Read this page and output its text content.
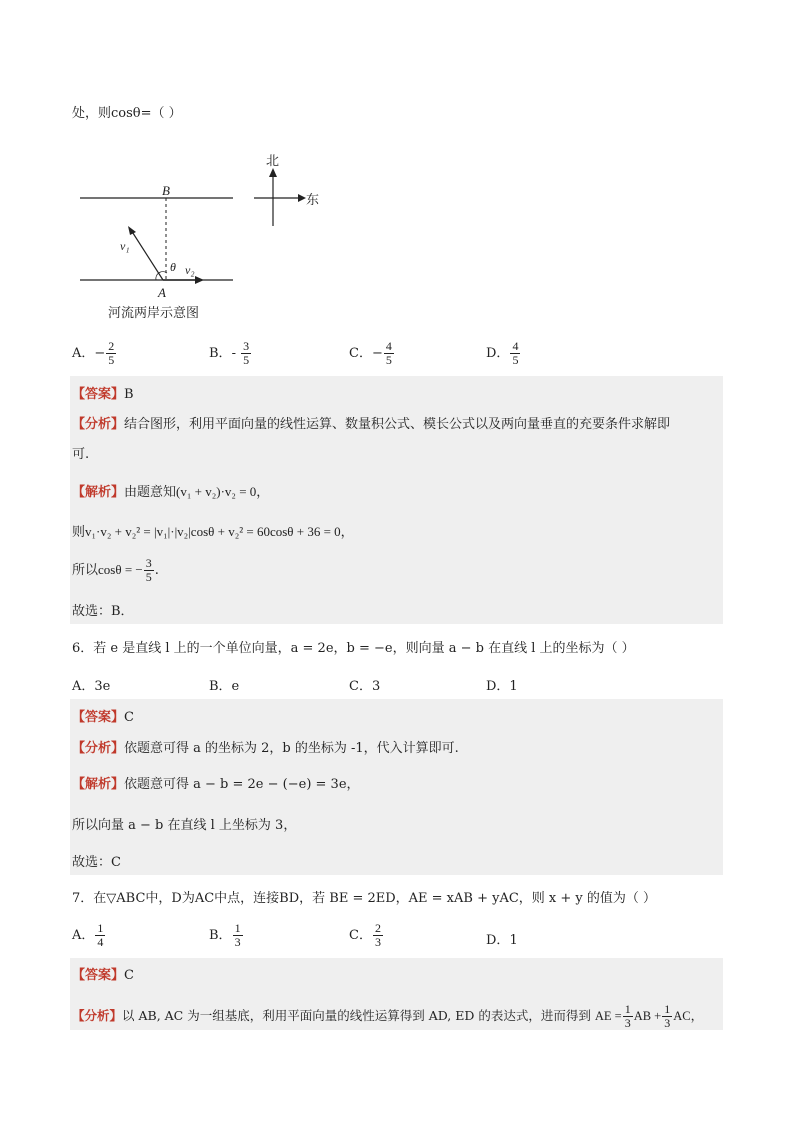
处，则cosθ=（ ）
B
A
v₁
v₂
θ
北
东
河流两岸示意图
A．− $\frac{2}{5}$	B．- $\frac{3}{5}$	C．− $\frac{4}{5}$	D． $\frac{4}{5}$
【答案】B
【分析】结合图形，利用平面向量的线性运算、数量积公式、模长公式以及两向量垂直的充要条件求解即
可.
【解析】由题意知(v₁ + v₂)·v₂ = 0，
则v₁·v₂ + v₂² = |v₁|·|v₂|cosθ + v₂² = 60cosθ + 36 = 0，
所以cosθ = − $\frac{3}{5}$ .
故选：B．
6．若 e 是直线 l 上的一个单位向量，a = 2e，b = −e，则向量 a − b 在直线 l 上的坐标为（ ）
A．3e	B．e	C．3	D．1
【答案】C
【分析】依题意可得 a 的坐标为 2，b 的坐标为 -1，代入计算即可.
【解析】依题意可得 a − b = 2e − (−e) = 3e，
所以向量 a − b 在直线 l 上坐标为 3，
故选：C
7．在▽ABC中，D为AC中点，连接BD，若 BE = 2ED，AE = xAB + yAC，则 x + y 的值为（ ）
A． $\frac{1}{4}$	B． $\frac{1}{3}$	C． $\frac{2}{3}$	D．1
【答案】C
【分析】以 AB, AC 为一组基底，利用平面向量的线性运算得到 AD, ED 的表达式，进而得到 AE = $\frac{1}{3}$ AB + $\frac{1}{3}$ AC，
